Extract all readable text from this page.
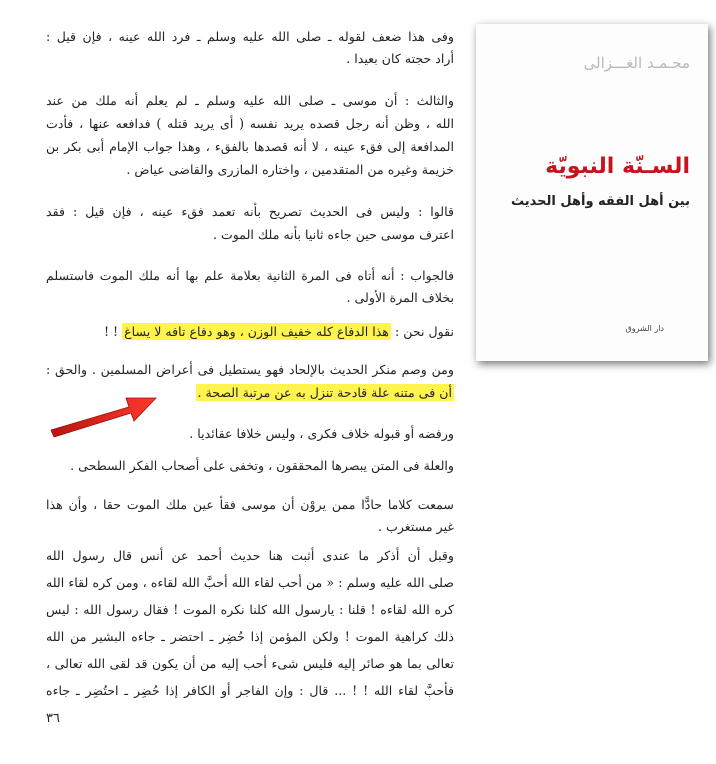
وفى هذا ضعف لقوله ـ صلى الله عليه وسلم ـ فرد الله عينه ، فإن قيل :
أراد حجته كان بعيدا .
والثالث : أن موسى ـ صلى الله عليه وسلم ـ لم يعلم أنه ملك من عند
الله ، وظن أنه رجل قصده يريد نفسه ( أى يريد قتله ) فدافعه عنها ، فأدت
المدافعة إلى فقء عينه ، لا أنه قصدها بالفقء ، وهذا جواب الإمام أبى بكر بن
خزيمة وغيره من المتقدمين ، واختاره المازرى والقاضى عياض .
قالوا : وليس فى الحديث تصريح بأنه تعمد فقء عينه ، فإن قيل : فقد
اعترف موسى حين جاءه ثانيا بأنه ملك الموت .
فالجواب : أنه أتاه فى المرة الثانية بعلامة علم بها أنه ملك الموت فاستسلم
بخلاف المرة الأولى .
نقول نحن : هذا الدفاع كله خفيف الوزن ، وهو دفاع تافه لا يساغ ! !
ومن وصم منكر الحديث بالإلحاد فهو يستطيل فى أعراض المسلمين . والحق :
أن فى متنه علة قادحة تنزل به عن مرتبة الصحة .
ورفضه أو قبوله خلاف فكرى ، وليس خلافا عقائديا .
والعلة فى المتن يبصرها المحققون ، وتخفى على أصحاب الفكر السطحى .
سمعت كلاما حادًّا ممن يروْن أن موسى فقأ عين ملك الموت حقا ، وأن هذا
غير مستغرب .
وقبل أن أذكر ما عندى أثبت هنا حديث أحمد عن أنس قال رسول الله
صلى الله عليه وسلم : « من أحب لقاء الله أحبَّ الله لقاءه ، ومن كره لقاء الله
كره الله لقاءه ! قلنا : يارسول الله كلنا نكره الموت ! فقال رسول الله : ليس
ذلك كراهية الموت ! ولكن المؤمن إذا حُضِر ـ احتضر ـ جاءه البشير من الله
تعالى بما هو صائر إليه فليس شىء أحب إليه من أن يكون قد لقى الله تعالى ،
فأحبَّ لقاء الله ! ! ... قال : وإن الفاجر أو الكافر إذا حُضِر ـ احتُضِر ـ جاءه
٣٦
محـمـد الغـــزالى
السـنّة النبويّة
بين أهل الفقه وأهل الحديث
دار الشروق
